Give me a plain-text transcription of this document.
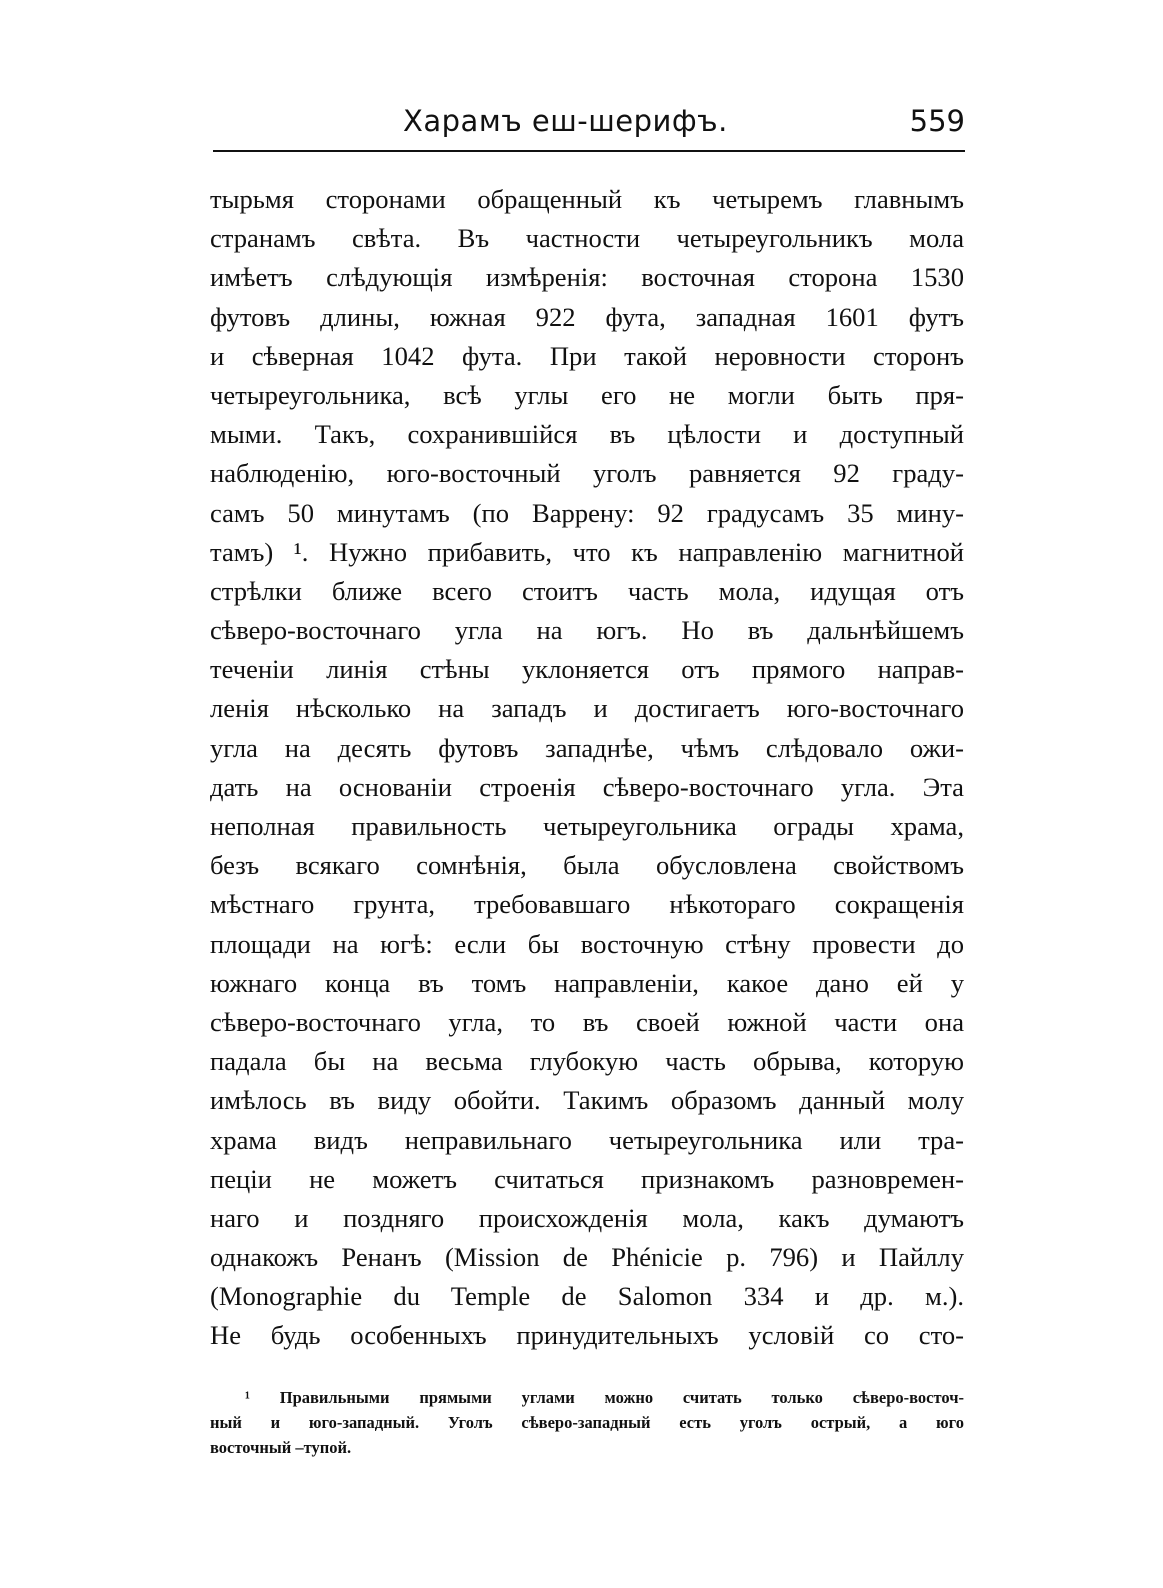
Харамъ еш-шерифъ.	559
тырьмя сторонами обращенный къ четыремъ главнымъ
странамъ свѣта. Въ частности четыреугольникъ мола
имѣетъ слѣдующія измѣренія: восточная сторона 1530
футовъ длины, южная 922 фута, западная 1601 футъ
и сѣверная 1042 фута. При такой неровности сторонъ
четыреугольника, всѣ углы его не могли быть пря-
мыми. Такъ, сохранившійся въ цѣлости и доступный
наблюденію, юго-восточный уголъ равняется 92 граду-
самъ 50 минутамъ (по Варрену: 92 градусамъ 35 мину-
тамъ) ¹. Нужно прибавить, что къ направленію магнитной
стрѣлки ближе всего стоитъ часть мола, идущая отъ
сѣверо-восточнаго угла на югъ. Но въ дальнѣйшемъ
теченіи линія стѣны уклоняется отъ прямого направ-
ленія нѣсколько на западъ и достигаетъ юго-восточнаго
угла на десять футовъ западнѣе, чѣмъ слѣдовало ожи-
дать на основаніи строенія сѣверо-восточнаго угла. Эта
неполная правильность четыреугольника ограды храма,
безъ всякаго сомнѣнія, была обусловлена свойствомъ
мѣстнаго грунта, требовавшаго нѣкотораго сокращенія
площади на югѣ: если бы восточную стѣну провести до
южнаго конца въ томъ направленіи, какое дано ей у
сѣверо-восточнаго угла, то въ своей южной части она
падала бы на весьма глубокую часть обрыва, которую
имѣлось въ виду обойти. Такимъ образомъ данный молу
храма видъ неправильнаго четыреугольника или тра-
пеціи не можетъ считаться признакомъ разновремен-
наго и поздняго происхожденія мола, какъ думаютъ
однакожъ Ренанъ (Mission de Phénicie p. 796) и Пайллу
(Monographie du Temple de Salomon 334 и др. м.).
Не будь особенныхъ принудительныхъ условій со сто-
¹ Правильными прямыми углами можно считать только сѣверо-восточ-
ный и юго-западный. Уголъ сѣверо-западный есть уголъ острый, а юго
восточный –тупой.
